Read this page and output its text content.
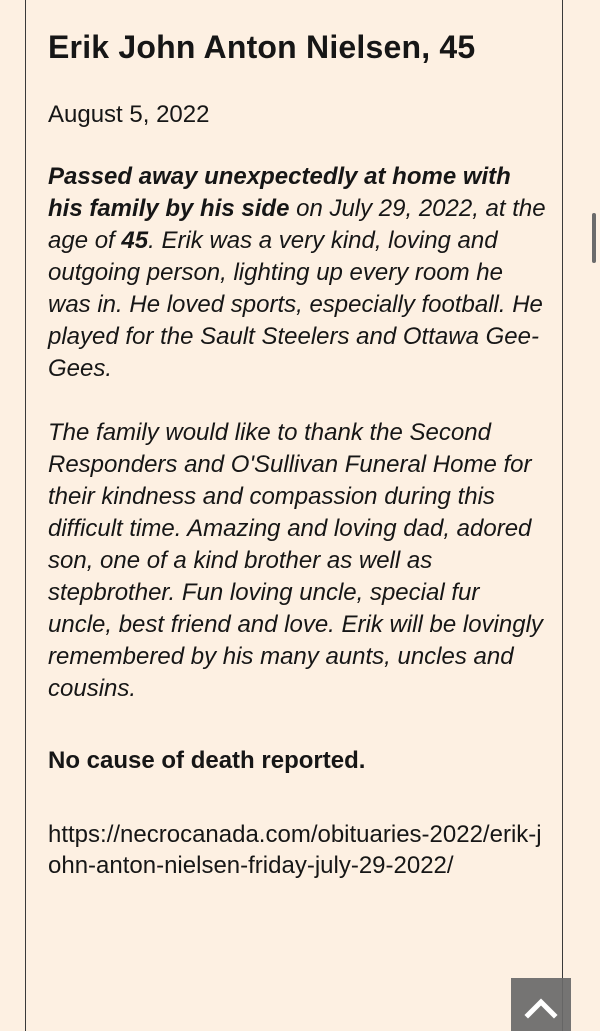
Erik John Anton Nielsen, 45

August 5, 2022

Passed away unexpectedly at home with his family by his side on July 29, 2022, at the age of 45. Erik was a very kind, loving and outgoing person, lighting up every room he was in. He loved sports, especially football. He played for the Sault Steelers and Ottawa Gee-Gees.

The family would like to thank the Second Responders and O'Sullivan Funeral Home for their kindness and compassion during this difficult time. Amazing and loving dad, adored son, one of a kind brother as well as stepbrother. Fun loving uncle, special fur uncle, best friend and love. Erik will be lovingly remembered by his many aunts, uncles and cousins.

No cause of death reported.

https://necrocanada.com/obituaries-2022/erik-john-anton-nielsen-friday-july-29-2022/
